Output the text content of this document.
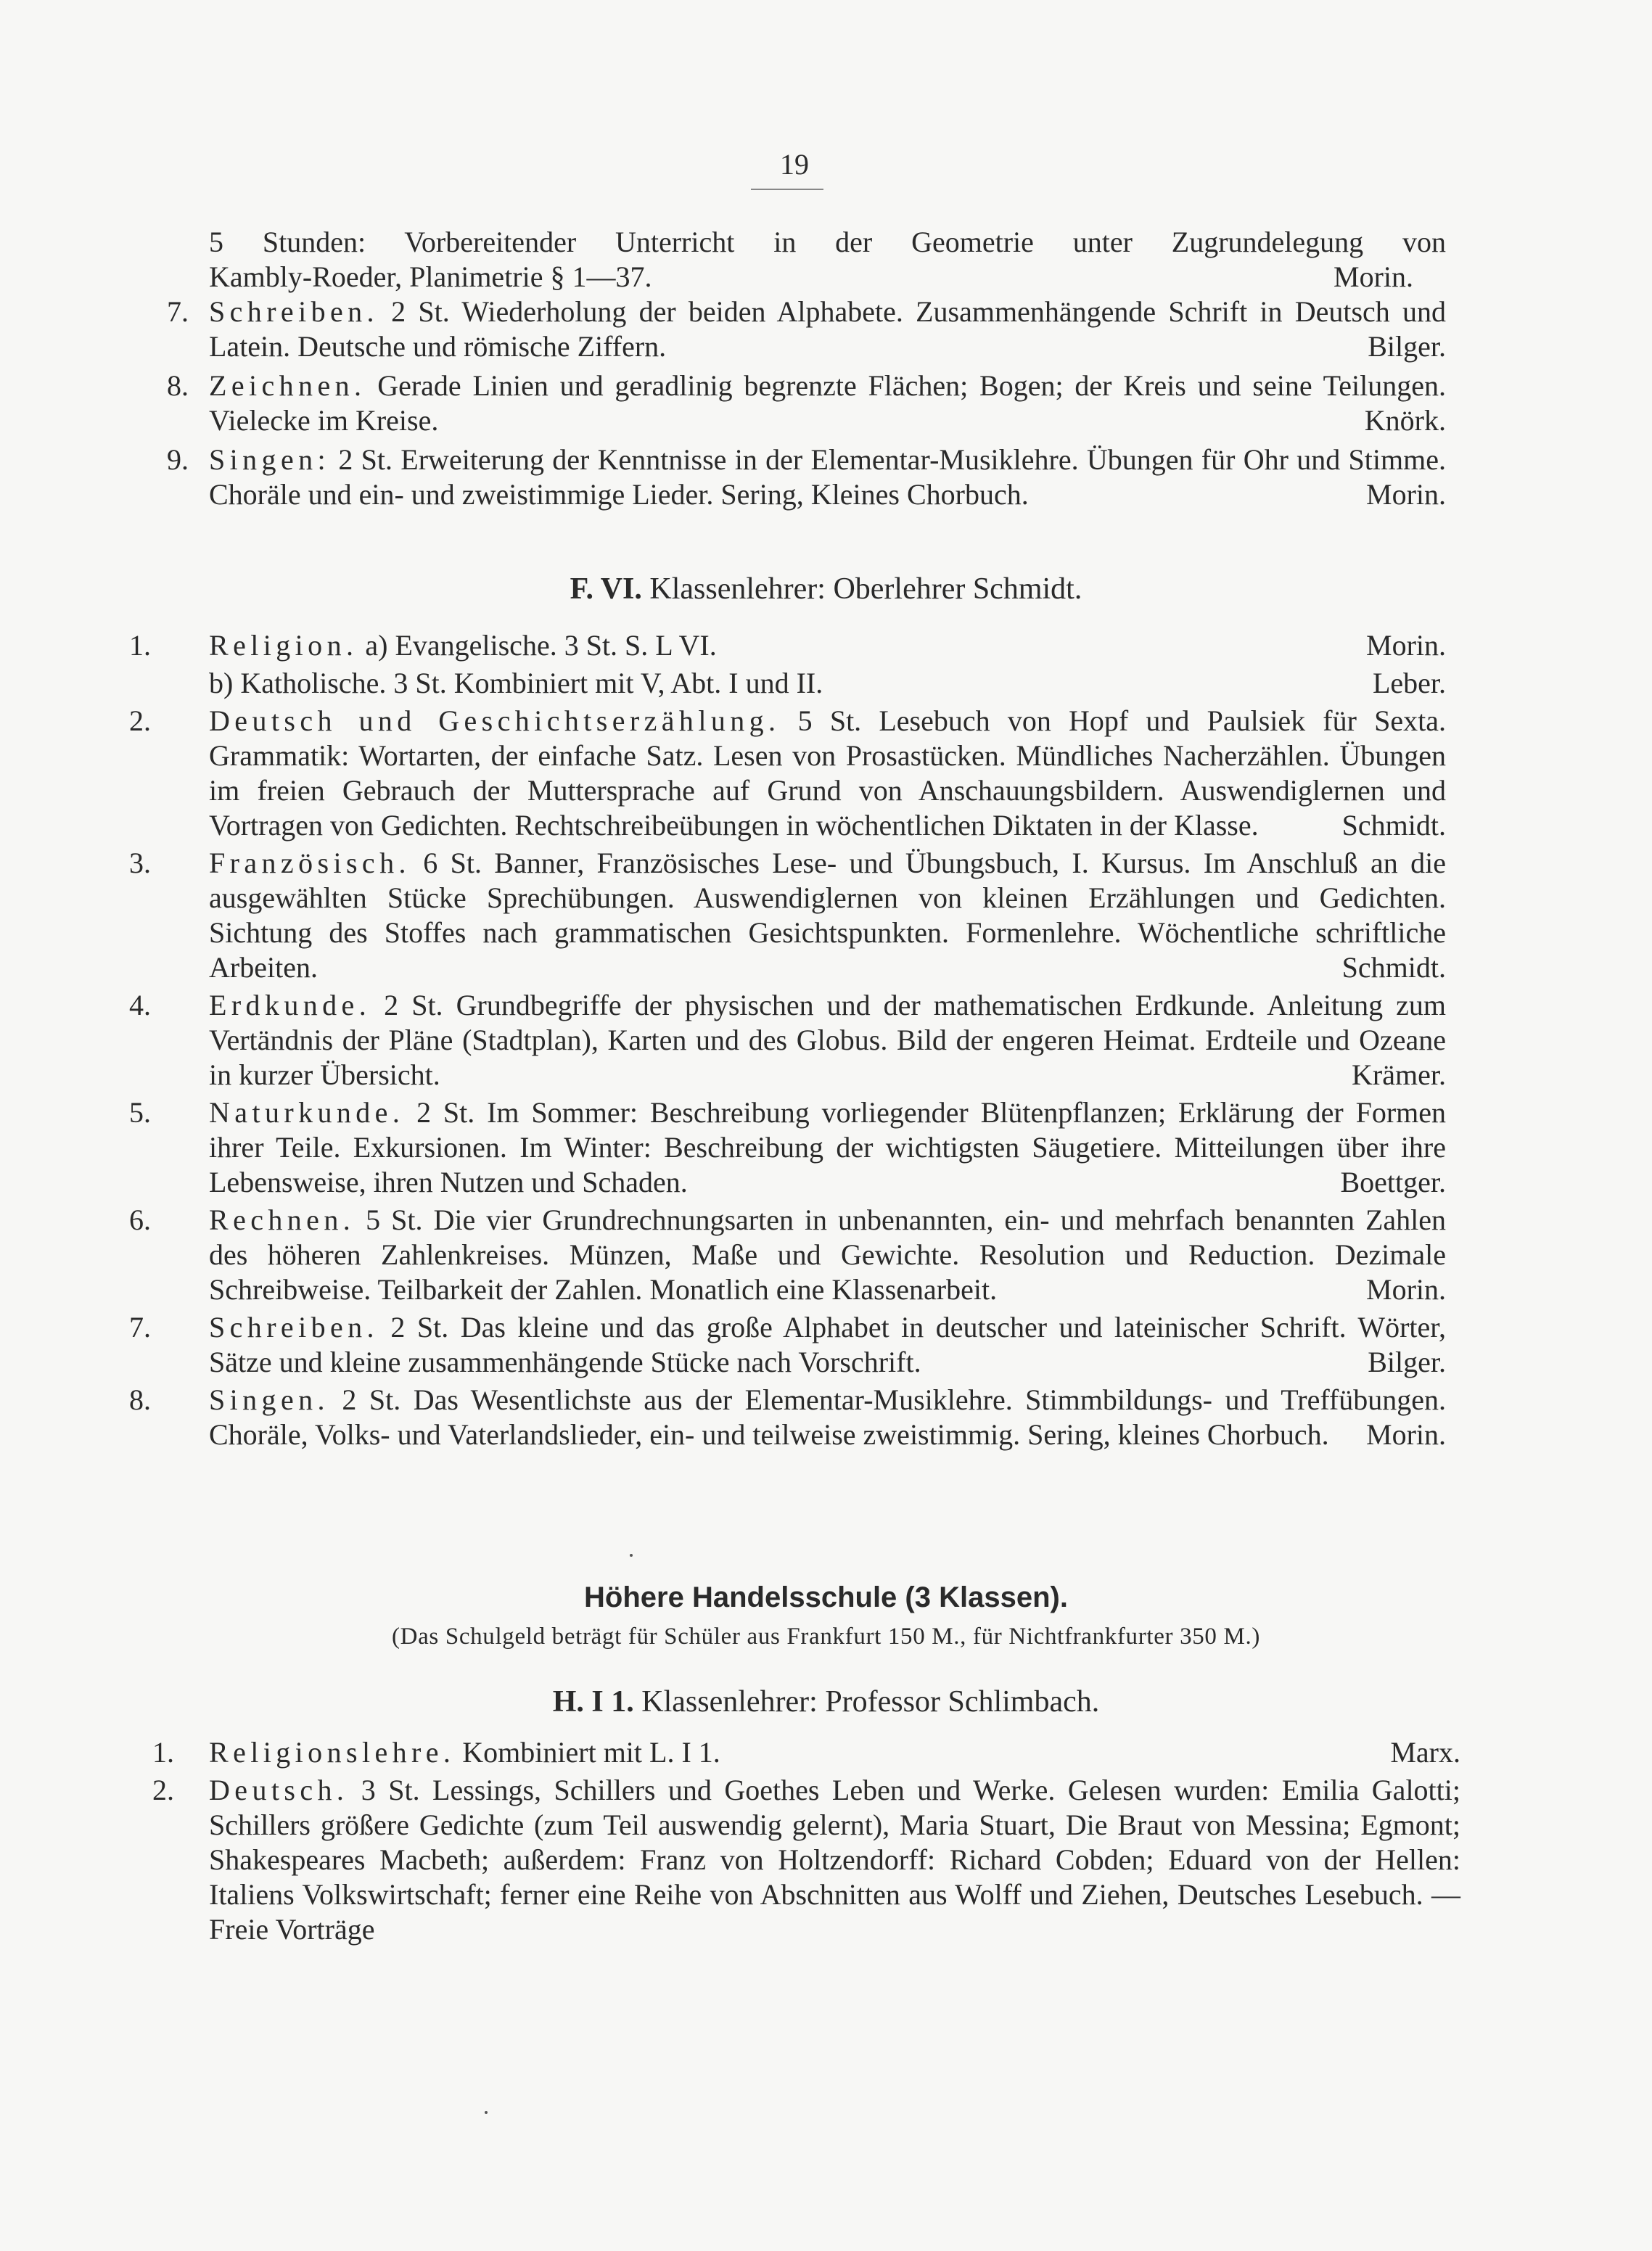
19
5 Stunden: Vorbereitender Unterricht in der Geometrie unter Zugrundelegung von
Kambly-Roeder, Planimetrie § 1—37.	Morin.
7. Schreiben. 2 St. Wiederholung der beiden Alphabete. Zusammenhängende Schrift in Deutsch und Latein. Deutsche und römische Ziffern.	Bilger.
8. Zeichnen. Gerade Linien und geradlinig begrenzte Flächen; Bogen; der Kreis und seine Teilungen. Vielecke im Kreise.	Knörk.
9. Singen: 2 St. Erweiterung der Kenntnisse in der Elementar-Musiklehre. Übungen für Ohr und Stimme. Choräle und ein- und zweistimmige Lieder. Sering, Kleines Chorbuch.	Morin.
F. VI. Klassenlehrer: Oberlehrer Schmidt.
1. Religion. a) Evangelische. 3 St. S. L VI.	Morin.
b) Katholische. 3 St. Kombiniert mit V, Abt. I und II.	Leber.
2. Deutsch und Geschichtserzählung. 5 St. Lesebuch von Hopf und Paulsiek für Sexta. Grammatik: Wortarten, der einfache Satz. Lesen von Prosastücken. Mündliches Nacherzählen. Übungen im freien Gebrauch der Muttersprache auf Grund von Anschauungsbildern. Auswendiglernen und Vortragen von Gedichten. Rechtschreibeübungen in wöchentlichen Diktaten in der Klasse.	Schmidt.
3. Französisch. 6 St. Banner, Französisches Lese- und Übungsbuch, I. Kursus. Im Anschluß an die ausgewählten Stücke Sprechübungen. Auswendiglernen von kleinen Erzählungen und Gedichten. Sichtung des Stoffes nach grammatischen Gesichtspunkten. Formenlehre. Wöchentliche schriftliche Arbeiten.	Schmidt.
4. Erdkunde. 2 St. Grundbegriffe der physischen und der mathematischen Erdkunde. Anleitung zum Vertändnis der Pläne (Stadtplan), Karten und des Globus. Bild der engeren Heimat. Erdteile und Ozeane in kurzer Übersicht.	Krämer.
5. Naturkunde. 2 St. Im Sommer: Beschreibung vorliegender Blütenpflanzen; Erklärung der Formen ihrer Teile. Exkursionen. Im Winter: Beschreibung der wichtigsten Säugetiere. Mitteilungen über ihre Lebensweise, ihren Nutzen und Schaden.	Boettger.
6. Rechnen. 5 St. Die vier Grundrechnungsarten in unbenannten, ein- und mehrfach benannten Zahlen des höheren Zahlenkreises. Münzen, Maße und Gewichte. Resolution und Reduction. Dezimale Schreibweise. Teilbarkeit der Zahlen. Monatlich eine Klassenarbeit.	Morin.
7. Schreiben. 2 St. Das kleine und das große Alphabet in deutscher und lateinischer Schrift. Wörter, Sätze und kleine zusammenhängende Stücke nach Vorschrift.	Bilger.
8. Singen. 2 St. Das Wesentlichste aus der Elementar-Musiklehre. Stimmbildungs- und Treffübungen. Choräle, Volks- und Vaterlandslieder, ein- und teilweise zweistimmig. Sering, kleines Chorbuch. Morin.
Höhere Handelsschule (3 Klassen).
(Das Schulgeld beträgt für Schüler aus Frankfurt 150 M., für Nichtfrankfurter 350 M.)
H. I 1. Klassenlehrer: Professor Schlimbach.
1. Religionslehre. Kombiniert mit L. I 1.	Marx.
2. Deutsch. 3 St. Lessings, Schillers und Goethes Leben und Werke. Gelesen wurden: Emilia Galotti; Schillers größere Gedichte (zum Teil auswendig gelernt), Maria Stuart, Die Braut von Messina; Egmont; Shakespeares Macbeth; außerdem: Franz von Holtzendorff: Richard Cobden; Eduard von der Hellen: Italiens Volkswirtschaft; ferner eine Reihe von Abschnitten aus Wolff und Ziehen, Deutsches Lesebuch. — Freie Vorträge
